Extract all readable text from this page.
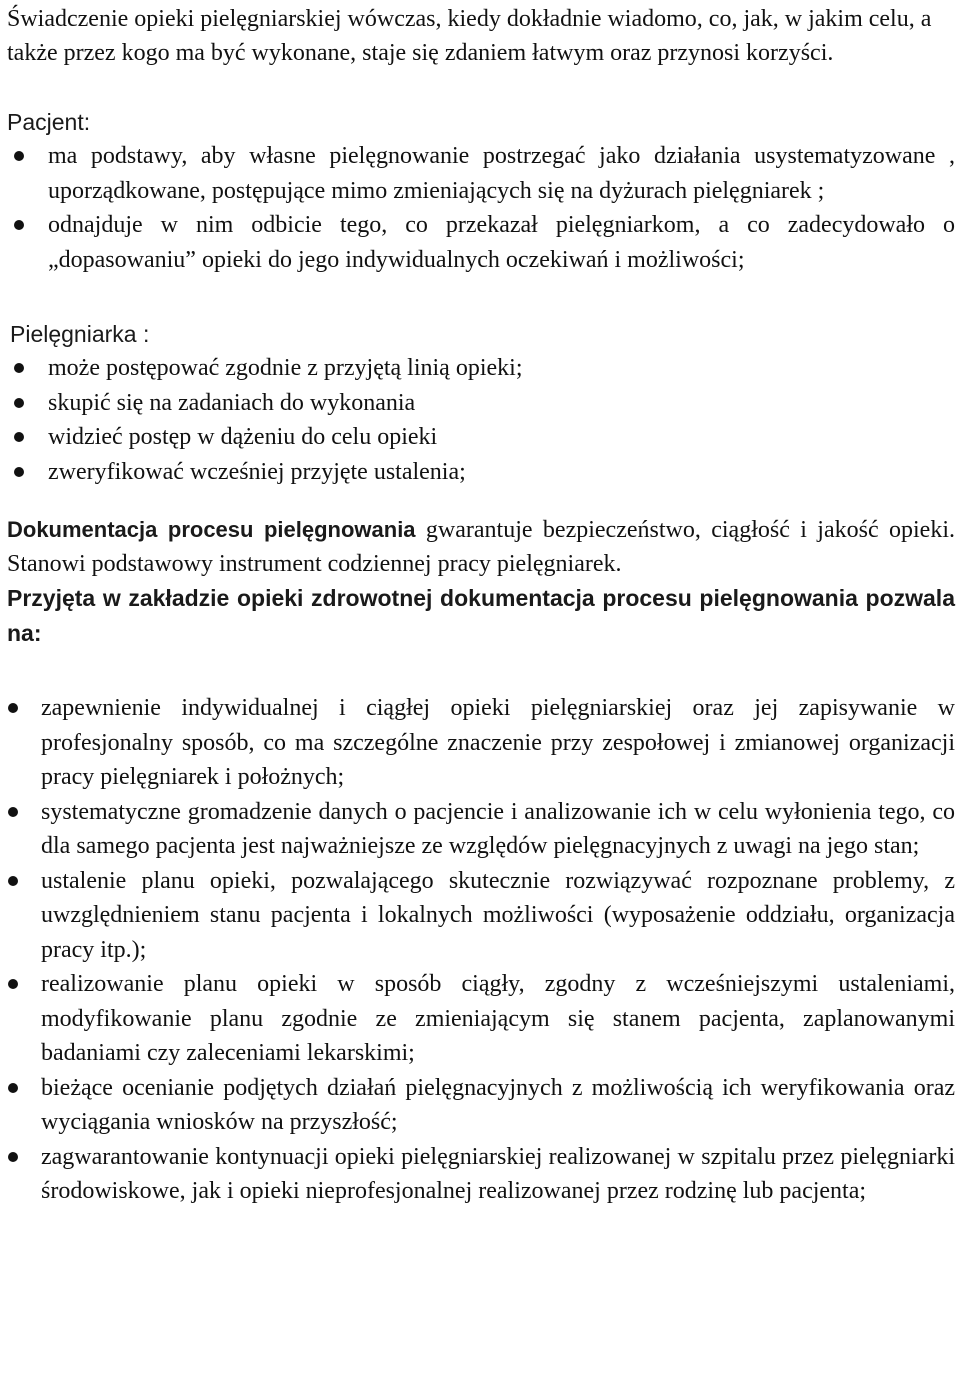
Świadczenie opieki pielęgniarskiej wówczas, kiedy dokładnie wiadomo, co, jak, w jakim celu, a także przez kogo ma być wykonane, staje się zdaniem łatwym oraz przynosi korzyści.

Pacjent:
ma podstawy, aby własne pielęgnowanie postrzegać jako działania usystematyzowane , uporządkowane, postępujące mimo zmieniających się na dyżurach pielęgniarek ;
odnajduje w nim odbicie tego, co przekazał pielęgniarkom, a co zadecydowało o „dopasowaniu” opieki do jego indywidualnych oczekiwań i możliwości;
Pielęgniarka :
może postępować zgodnie z przyjętą linią opieki;
skupić się na zadaniach do wykonania
widzieć postęp w dążeniu do celu opieki
zweryfikować wcześniej przyjęte ustalenia;

Dokumentacja procesu pielęgnowania gwarantuje bezpieczeństwo, ciągłość i jakość opieki. Stanowi podstawowy instrument codziennej pracy pielęgniarek.

Przyjęta w zakładzie opieki zdrowotnej dokumentacja procesu pielęgnowania pozwala na:

zapewnienie indywidualnej i ciągłej opieki pielęgniarskiej oraz jej zapisywanie w profesjonalny sposób, co ma szczególne znaczenie przy zespołowej i zmianowej organizacji pracy pielęgniarek i położnych;
systematyczne gromadzenie danych o pacjencie i analizowanie ich w celu wyłonienia tego, co dla samego pacjenta jest najważniejsze ze względów pielęgnacyjnych z uwagi na jego stan;
ustalenie planu opieki, pozwalającego skutecznie rozwiązywać rozpoznane problemy, z uwzględnieniem stanu pacjenta i lokalnych możliwości (wyposażenie oddziału, organizacja pracy itp.);
realizowanie planu opieki w sposób ciągły, zgodny z wcześniejszymi ustaleniami, modyfikowanie planu zgodnie ze zmieniającym się stanem pacjenta, zaplanowanymi badaniami czy zaleceniami lekarskimi;
bieżące ocenianie podjętych działań pielęgnacyjnych z możliwością ich weryfikowania oraz wyciągania wniosków na przyszłość;
zagwarantowanie kontynuacji opieki pielęgniarskiej realizowanej w szpitalu przez pielęgniarki środowiskowe, jak i opieki nieprofesjonalnej realizowanej przez rodzinę lub pacjenta;
